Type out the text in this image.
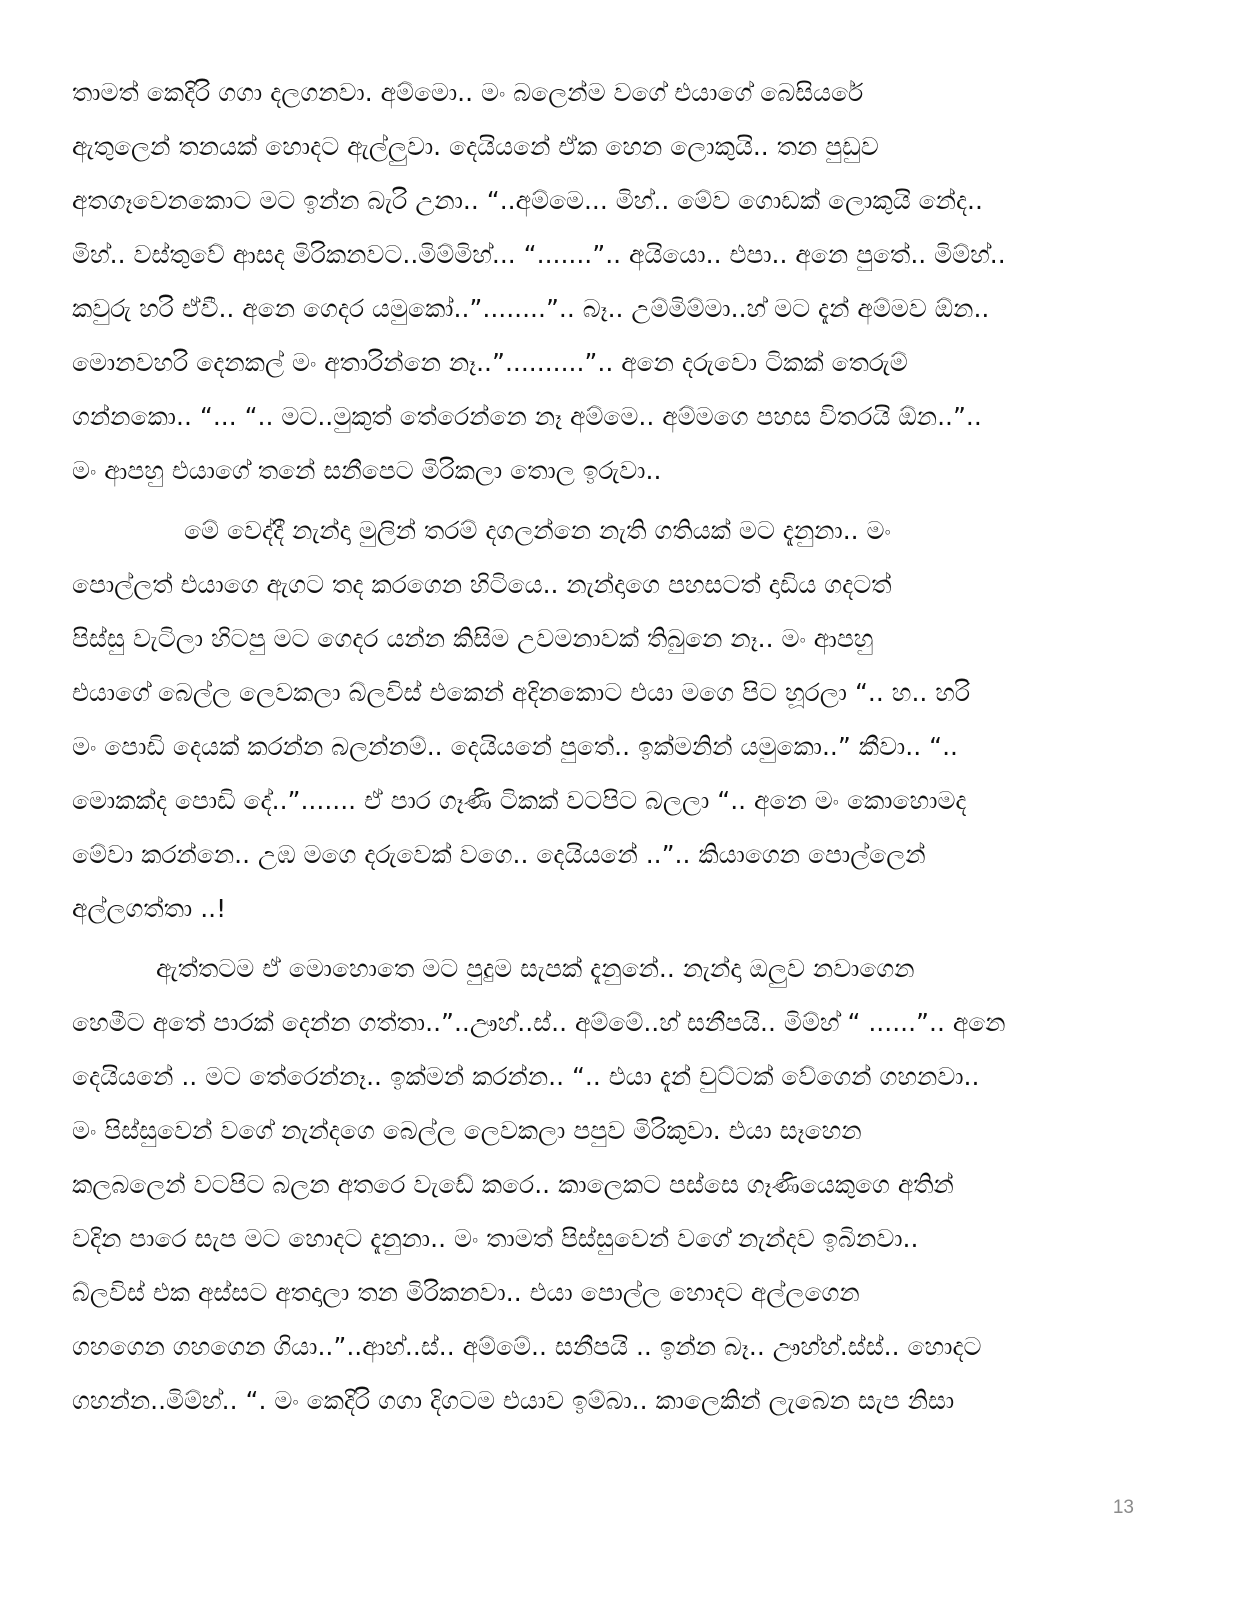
තාමත් කෙදිරි ගගා දලගනවා. අම්මො.. මං බලෙන්ම වගේ එයාගේ බෙසියරේ
ඇතුලෙන් තනයක් හොදට ඇල්ලුවා. දෙයියනේ ඒක හෙන ලොකුයි.. තන පුඩුව
අතගෑවෙනකොට මට ඉන්න බැරි උනා.. “..අම්මෙ... මිහ්.. මේව ගොඩක් ලොකුයි නේද..
මිහ්.. වස්තුවේ ආසද මිරිකනවට..මිම්මිහ්... “.......”.. අයියො.. එපා.. අනෙ පුතේ.. මිම්හ්..
කවුරු හරි ඒවී.. අනෙ ගෙදර යමුකෝ..”........”.. බෑ.. උම්මිම්මා..හ් මට දැන් අම්මව ඕන..
මොනවහරි දෙනකල් මං අතාරින්නෙ නෑ..”..........”.. අනෙ දරුවො ටිකක් තෙරුම්
ගන්නකො.. “... “.. මට..මුකුත් තේරෙන්නෙ නෑ අම්මෙ.. අම්මගෙ පහස විතරයි ඕන..”..
මං ආපහු එයාගේ තනේ සනීපෙට මිරිකලා තොල ඉරුවා..
මේ වෙද්දී නැන්දා මුලින් තරම් දගලන්නෙ නැති ගතියක් මට දැනුනා.. මං
පොල්ලත් එයාගෙ ඇගට තද කරගෙන හිටියෙ.. නැන්දාගෙ පහසටත් දාඩිය ගදටත්
පිස්සු වැටිලා හිටපු මට ගෙදර යන්න කිසිම උවමනාවක් තිබුනෙ නෑ.. මං ආපහු
එයාගේ බෙල්ල ලෙවකලා බ්ලවිස් එකෙන් අදිනකොට එයා මගෙ පිට හූරලා “.. හ.. හරි
මං පොඩි දෙයක් කරන්න බලන්නම්.. දෙයියනේ පුතේ.. ඉක්මනින් යමුකො..” කීවා.. “..
මොකක්ද පොඩි දේ..”....... ඒ පාර ගෑණි ටිකක් වටපිට බලලා “.. අනෙ මං කොහොමද
මේවා කරන්නෙ.. උඹ මගෙ දරුවෙක් වගෙ.. දෙයියනේ ..”.. කියාගෙන පොල්ලෙන්
අල්ලගත්තා ..!
ඇත්තටම ඒ මොහොතෙ මට පුදුම සැපක් දැනුනේ.. නැන්දා ඔලුව නවාගෙන
හෙමීට අතේ පාරක් දෙන්න ගත්තා..”..ඌහ්..ස්.. අම්මේ..හ් සනීපයි.. මිම්හ් “ ......”.. අනෙ
දෙයියනේ .. මට තේරෙන්නෑ.. ඉක්මන් කරන්න.. “.. එයා දැන් චුට්ටක් වේගෙන් ගහනවා..
මං පිස්සුවෙන් වගේ නැන්දගෙ බෙල්ල ලෙවකලා පපුව මිරිකුවා. එයා සෑහෙන
කලබලෙන් වටපිට බලන අතරෙ වැඩේ කරෙ.. කාලෙකට පස්සෙ ගෑණියෙකුගෙ අතින්
වදින පාරෙ සැප මට හොදට දැනුනා.. මං තාමත් පිස්සුවෙන් වගේ නැන්දව ඉබිනවා..
බ්ලවිස් එක අස්සට අතදාලා තන මිරිකනවා.. එයා පොල්ල හොදට අල්ලගෙන
ගහගෙන ගහගෙන ගියා..”..ආහ්..ස්.. අම්මේ.. සනීපයි .. ඉන්න බෑ.. ඌහ්හ්.ස්ස්.. හොදට
ගහන්න..මිම්හ්.. “. මං කෙදිරි ගගා දිගටම එයාව ඉම්බා.. කාලෙකින් ලැබෙන සැප නිසා
13
